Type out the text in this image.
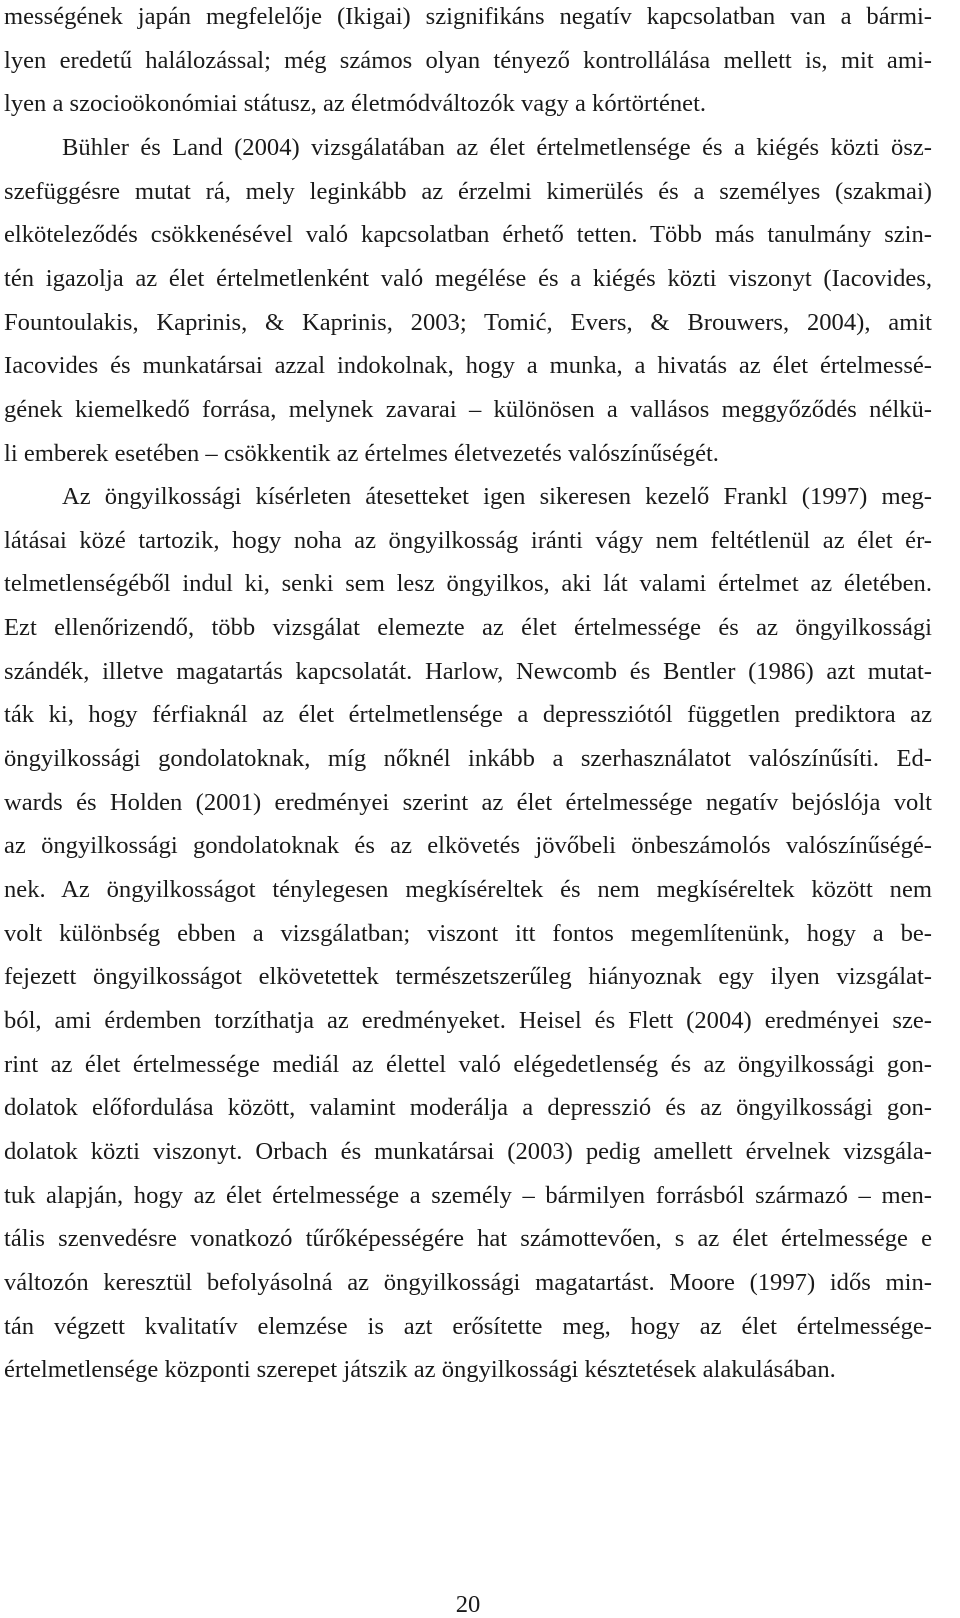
mességének japán megfelelője (Ikigai) szignifikáns negatív kapcsolatban van a bármi-
lyen eredetű halálozással; még számos olyan tényező kontrollálása mellett is, mit ami-
lyen a szocioökonómiai státusz, az életmódváltozók vagy a kórtörténet.
Bühler és Land (2004) vizsgálatában az élet értelmetlensége és a kiégés közti ösz-
szefüggésre mutat rá, mely leginkább az érzelmi kimerülés és a személyes (szakmai)
elköteleződés csökkenésével való kapcsolatban érhető tetten. Több más tanulmány szin-
tén igazolja az élet értelmetlenként való megélése és a kiégés közti viszonyt (Iacovides,
Fountoulakis, Kaprinis, & Kaprinis, 2003; Tomić, Evers, & Brouwers, 2004), amit
Iacovides és munkatársai azzal indokolnak, hogy a munka, a hivatás az élet értelmessé-
gének kiemelkedő forrása, melynek zavarai – különösen a vallásos meggyőződés nélkü-
li emberek esetében – csökkentik az értelmes életvezetés valószínűségét.
Az öngyilkossági kísérleten átesetteket igen sikeresen kezelő Frankl (1997) meg-
látásai közé tartozik, hogy noha az öngyilkosság iránti vágy nem feltétlenül az élet ér-
telmetlenségéből indul ki, senki sem lesz öngyilkos, aki lát valami értelmet az életében.
Ezt ellenőrizendő, több vizsgálat elemezte az élet értelmessége és az öngyilkossági
szándék, illetve magatartás kapcsolatát. Harlow, Newcomb és Bentler (1986) azt mutat-
ták ki, hogy férfiaknál az élet értelmetlensége a depressziótól független prediktora az
öngyilkossági gondolatoknak, míg nőknél inkább a szerhasználatot valószínűsíti. Ed-
wards és Holden (2001) eredményei szerint az élet értelmessége negatív bejóslója volt
az öngyilkossági gondolatoknak és az elkövetés jövőbeli önbeszámolós valószínűségé-
nek. Az öngyilkosságot ténylegesen megkíséreltek és nem megkíséreltek között nem
volt különbség ebben a vizsgálatban; viszont itt fontos megemlítenünk, hogy a be-
fejezett öngyilkosságot elkövetettek természetszerűleg hiányoznak egy ilyen vizsgálat-
ból, ami érdemben torzíthatja az eredményeket. Heisel és Flett (2004) eredményei sze-
rint az élet értelmessége mediál az élettel való elégedetlenség és az öngyilkossági gon-
dolatok előfordulása között, valamint moderálja a depresszió és az öngyilkossági gon-
dolatok közti viszonyt. Orbach és munkatársai (2003) pedig amellett érvelnek vizsgála-
tuk alapján, hogy az élet értelmessége a személy – bármilyen forrásból származó – men-
tális szenvedésre vonatkozó tűrőképességére hat számottevően, s az élet értelmessége e
változón keresztül befolyásolná az öngyilkossági magatartást. Moore (1997) idős min-
tán végzett kvalitatív elemzése is azt erősítette meg, hogy az élet értelmessége-
értelmetlensége központi szerepet játszik az öngyilkossági késztetések alakulásában.
20
